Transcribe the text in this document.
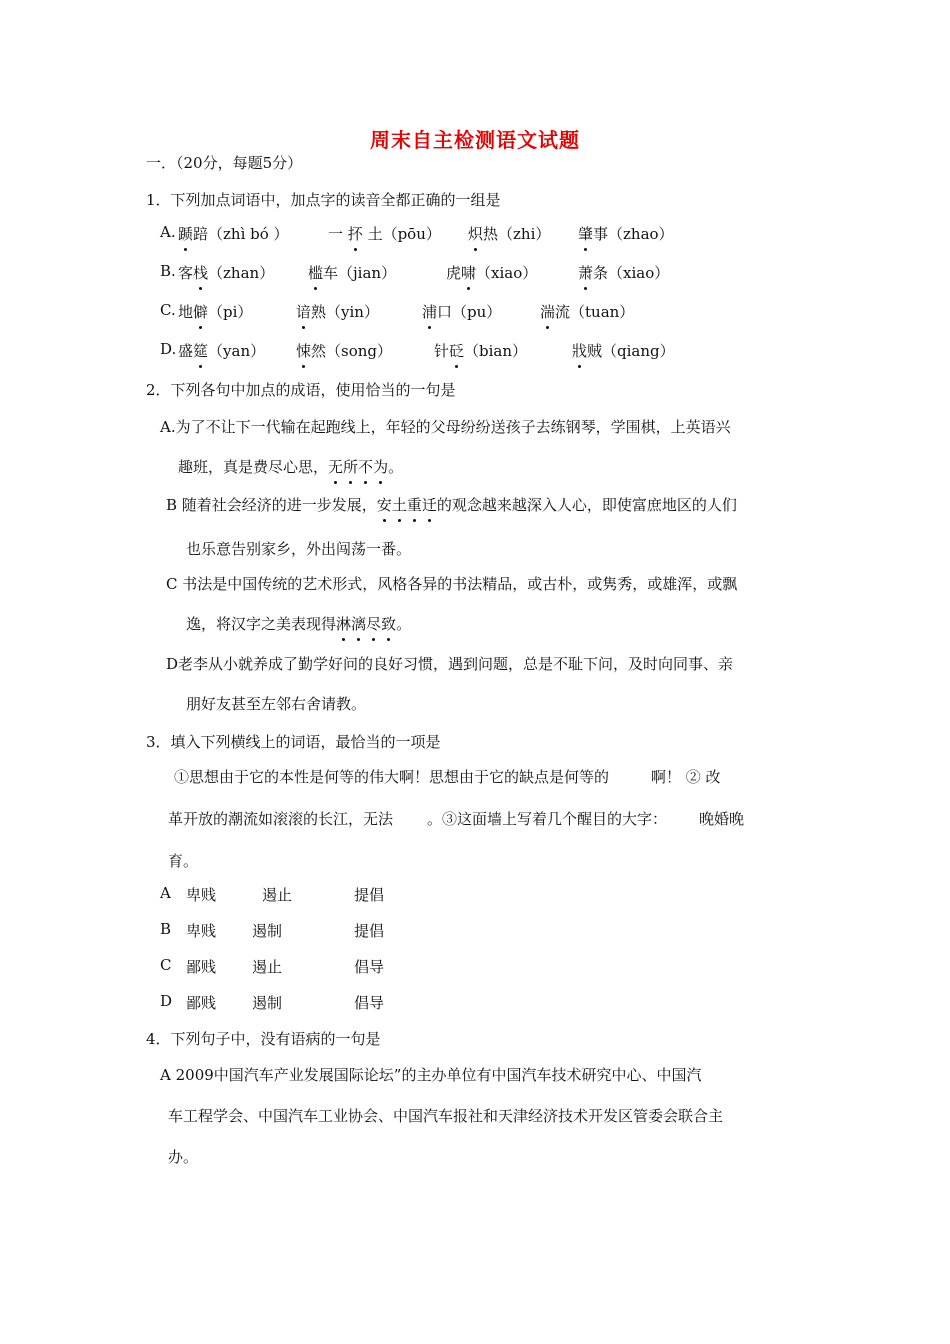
周末自主检测语文试题
一．（20分，每题5分）
1．下列加点词语中，加点字的读音全都正确的一组是
A. 踬踣（zhì bó ）	一 抔 土（pōu） 炽热（zhi） 肇事（zhao）
B. 客栈（zhan） 槛车（jian）	虎啸（xiao）	萧条（xiao）
C. 地僻（pi）	谙熟（yin）	浦口（pu）	湍流（tuan）
D. 盛筵（yan） 悚然（song）	针砭（bian）	戕贼（qiang）
2．下列各句中加点的成语，使用恰当的一句是
A.为了不让下一代输在起跑线上，年轻的父母纷纷送孩子去练钢琴，学围棋，上英语兴
趣班，真是费尽心思，无所不为。
B 随着社会经济的进一步发展，安土重迁的观念越来越深入人心，即使富庶地区的人们
也乐意告别家乡，外出闯荡一番。
C 书法是中国传统的艺术形式，风格各异的书法精品，或古朴，或隽秀，或雄浑，或飘
逸，将汉字之美表现得淋漓尽致。
D老李从小就养成了勤学好问的良好习惯，遇到问题，总是不耻下问，及时向同事、亲
朋好友甚至左邻右舍请教。
3．填入下列横线上的词语，最恰当的一项是
①思想由于它的本性是何等的伟大啊！思想由于它的缺点是何等的	啊！ ② 改
革开放的潮流如滚滚的长江，无法 。③这面墙上写着几个醒目的大字： 晚婚晚
育。
A 卑贱	遏止	提倡
B 卑贱 遏制	提倡
C 鄙贱 遏止	倡导
D 鄙贱 遏制	倡导
4．下列句子中，没有语病的一句是
A 2009中国汽车产业发展国际论坛”的主办单位有中国汽车技术研究中心、中国汽
车工程学会、中国汽车工业协会、中国汽车报社和天津经济技术开发区管委会联合主
办。
